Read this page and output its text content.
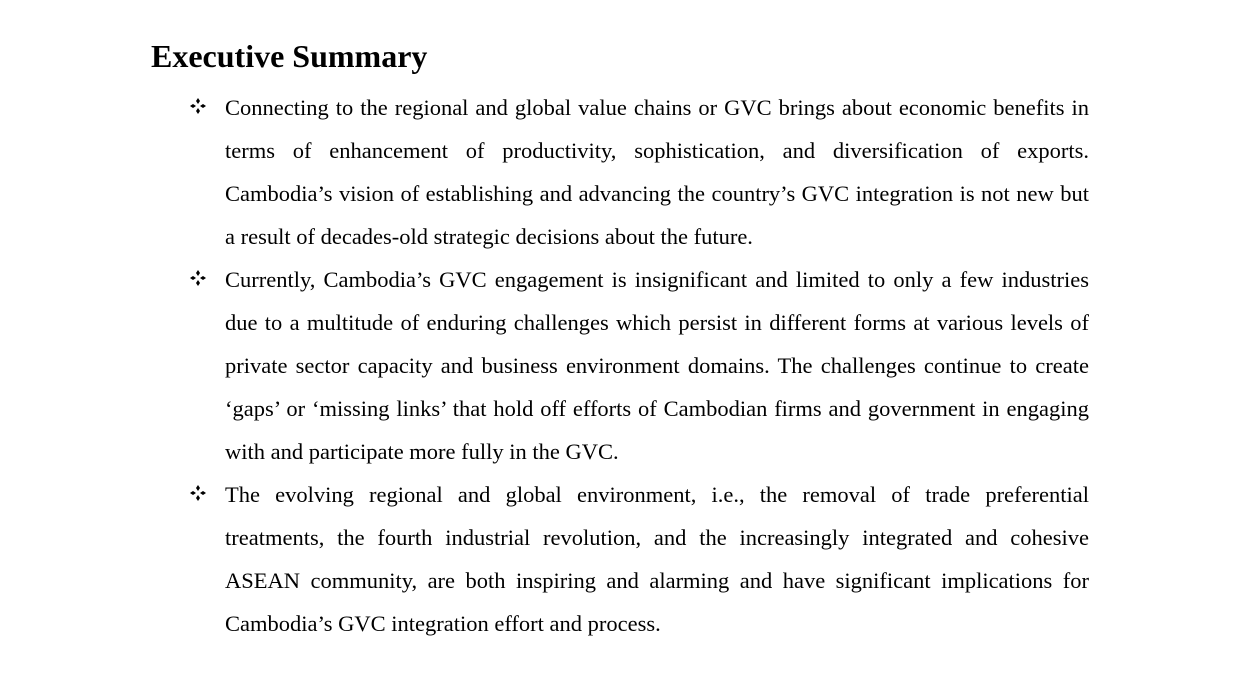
Executive Summary
Connecting to the regional and global value chains or GVC brings about economic benefits in terms of enhancement of productivity, sophistication, and diversification of exports. Cambodia’s vision of establishing and advancing the country’s GVC integration is not new but a result of decades-old strategic decisions about the future.
Currently, Cambodia’s GVC engagement is insignificant and limited to only a few industries due to a multitude of enduring challenges which persist in different forms at various levels of private sector capacity and business environment domains. The challenges continue to create ‘gaps’ or ‘missing links’ that hold off efforts of Cambodian firms and government in engaging with and participate more fully in the GVC.
The evolving regional and global environment, i.e., the removal of trade preferential treatments, the fourth industrial revolution, and the increasingly integrated and cohesive ASEAN community, are both inspiring and alarming and have significant implications for Cambodia’s GVC integration effort and process.
